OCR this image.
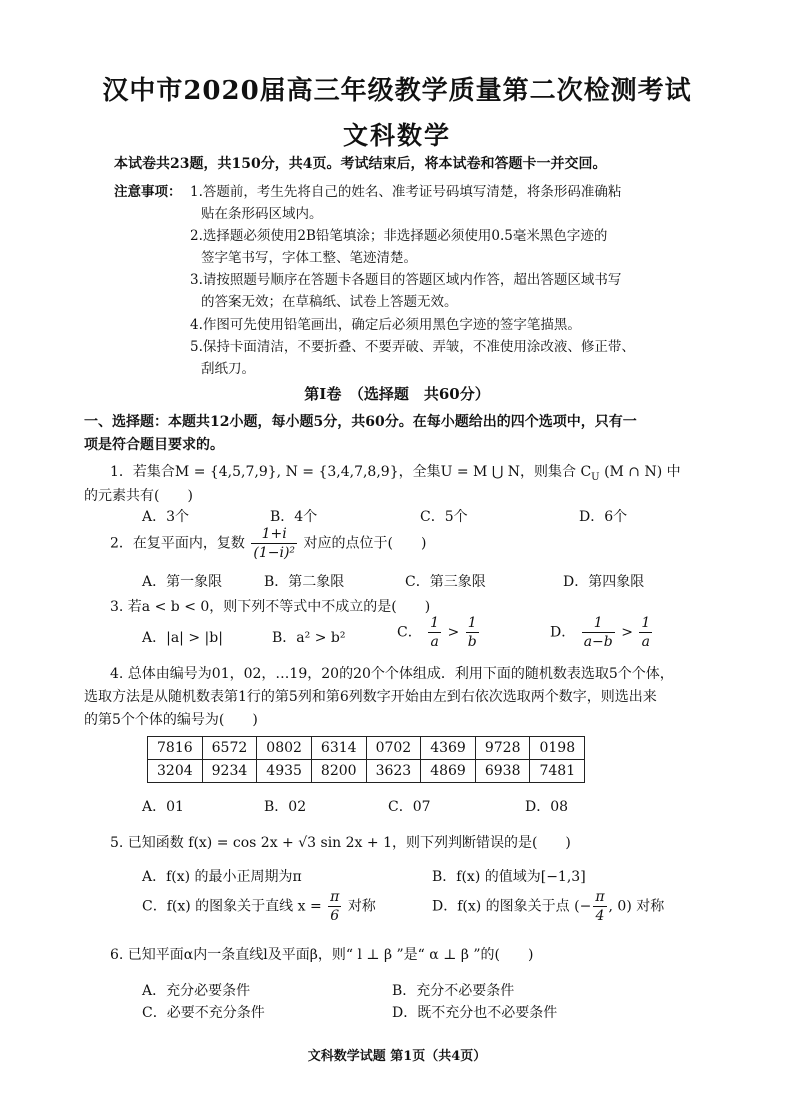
汉中市2020届高三年级教学质量第二次检测考试
文科数学
本试卷共23题，共150分，共4页。考试结束后，将本试卷和答题卡一并交回。
注意事项： 1.答题前，考生先将自己的姓名、准考证号码填写清楚，将条形码准确粘
贴在条形码区域内。
2.选择题必须使用2B铅笔填涂；非选择题必须使用0.5毫米黑色字迹的
签字笔书写，字体工整、笔迹清楚。
3.请按照题号顺序在答题卡各题目的答题区域内作答，超出答题区域书写
的答案无效；在草稿纸、试卷上答题无效。
4.作图可先使用铅笔画出，确定后必须用黑色字迹的签字笔描黑。
5.保持卡面清洁，不要折叠、不要弄破、弄皱，不准使用涂改液、修正带、
刮纸刀。
第Ⅰ卷　（选择题　共60分）
一、选择题：本题共12小题，每小题5分，共60分。在每小题给出的四个选项中，只有一
项是符合题目要求的。
1．若集合M = {4,5,7,9}, N = {3,4,7,8,9}，全集U = M ⋃ N，则集合 $C_U$ (M ∩ N) 中
的元素共有(　　)
A．3个	B．4个	C．5个	D．6个
2．在复平面内，复数 $\frac{1+i}{\text{(1−i)²}}$ 对应的点位于(　　)
A．第一象限	B．第二象限	C．第三象限	D．第四象限
3. 若a < b < 0，则下列不等式中不成立的是(　　)
A．|a| > |b|	B．a² > b²	C． $\frac{1}{a} > \frac{1}{b}$	D． $\frac{1}{a-b} > \frac{1}{a}$
4. 总体由编号为01，02，…19，20的20个个体组成．利用下面的随机数表选取5个个体，
选取方法是从随机数表第1行的第5列和第6列数字开始由左到右依次选取两个数字，则选出来
的第5个个体的编号为(　　)
7816	6572	0802	6314	0702	4369	9728	0198
3204	9234	4935	8200	3623	4869	6938	7481
A．01	B．02	C．07	D．08
5. 已知函数 f(x) = cos 2x + √3 sin 2x + 1，则下列判断错误的是(　　)
A．f(x) 的最小正周期为π	B．f(x) 的值域为[−1,3]
C．f(x) 的图象关于直线 $x = \frac{\pi}{6}$ 对称	D．f(x) 的图象关于点 (− $\frac{\pi}{4}$ , 0) 对称
6. 已知平面α内一条直线l及平面β，则“ l ⊥ β ”是“ α ⊥ β ”的(　　)
A．充分必要条件	B．充分不必要条件
C．必要不充分条件	D．既不充分也不必要条件
文科数学试题 第1页（共4页）
